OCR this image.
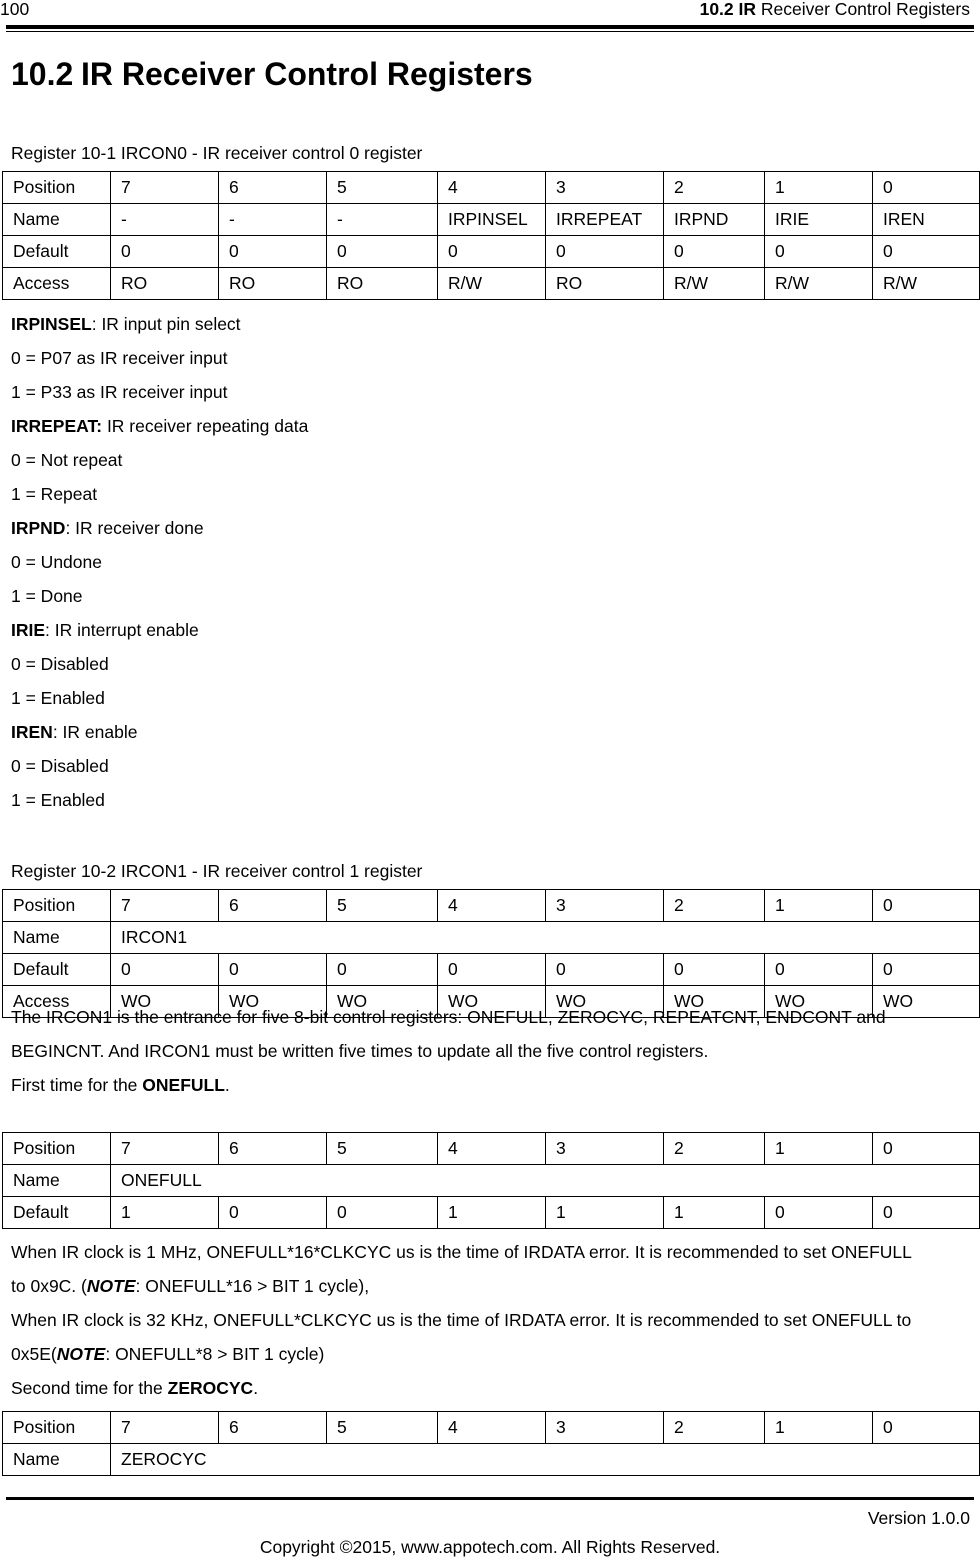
100	10.2 IR Receiver Control Registers
10.2 IR Receiver Control Registers
Register 10-1 IRCON0 - IR receiver control 0 register
Position	7	6	5	4	3	2	1	0
Name	-	-	-	IRPINSEL	IRREPEAT	IRPND	IRIE	IREN
Default	0	0	0	0	0	0	0	0
Access	RO	RO	RO	R/W	RO	R/W	R/W	R/W
IRPINSEL: IR input pin select
0 = P07 as IR receiver input
1 = P33 as IR receiver input
IRREPEAT: IR receiver repeating data
0 = Not repeat
1 = Repeat
IRPND: IR receiver done
0 = Undone
1 = Done
IRIE: IR interrupt enable
0 = Disabled
1 = Enabled
IREN: IR enable
0 = Disabled
1 = Enabled
Register 10-2 IRCON1 - IR receiver control 1 register
Position	7	6	5	4	3	2	1	0
Name	IRCON1							
Default	0	0	0	0	0	0	0	0
Access	WO	WO	WO	WO	WO	WO	WO	WO
The IRCON1 is the entrance for five 8-bit control registers: ONEFULL, ZEROCYC, REPEATCNT, ENDCONT and
BEGINCNT. And IRCON1 must be written five times to update all the five control registers.
First time for the ONEFULL.
Position	7	6	5	4	3	2	1	0
Name	ONEFULL							
Default	1	0	0	1	1	1	0	0
When IR clock is 1 MHz, ONEFULL*16*CLKCYC us is the time of IRDATA error. It is recommended to set ONEFULL
to 0x9C. (NOTE: ONEFULL*16 > BIT 1 cycle),
When IR clock is 32 KHz, ONEFULL*CLKCYC us is the time of IRDATA error. It is recommended to set ONEFULL to
0x5E(NOTE: ONEFULL*8 > BIT 1 cycle)
Second time for the ZEROCYC.
Position	7	6	5	4	3	2	1	0
Name	ZEROCYC							
Version 1.0.0
Copyright ©2015, www.appotech.com. All Rights Reserved.
